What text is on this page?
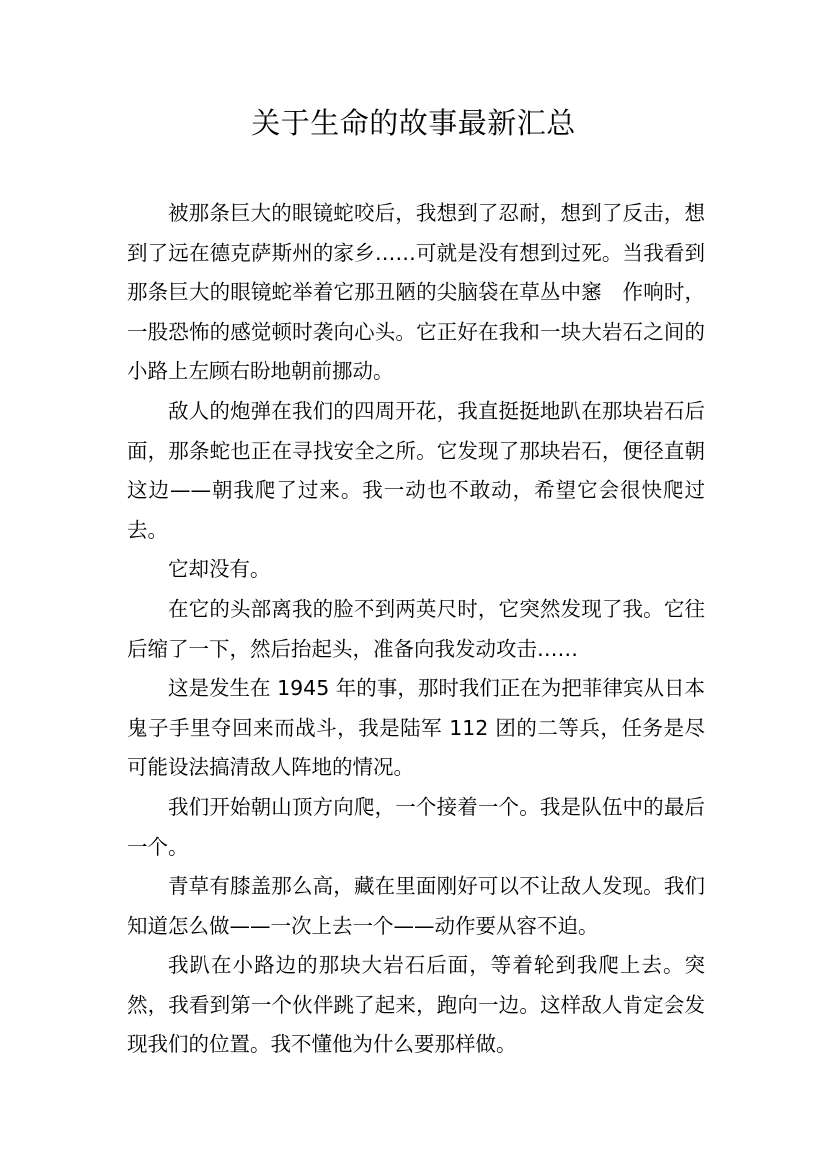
关于生命的故事最新汇总

被那条巨大的眼镜蛇咬后，我想到了忍耐，想到了反击，想到了远在德克萨斯州的家乡……可就是没有想到过死。当我看到那条巨大的眼镜蛇举着它那丑陋的尖脑袋在草丛中窸　作响时，一股恐怖的感觉顿时袭向心头。它正好在我和一块大岩石之间的小路上左顾右盼地朝前挪动。

敌人的炮弹在我们的四周开花，我直挺挺地趴在那块岩石后面，那条蛇也正在寻找安全之所。它发现了那块岩石，便径直朝这边——朝我爬了过来。我一动也不敢动，希望它会很快爬过去。

它却没有。

在它的头部离我的脸不到两英尺时，它突然发现了我。它往后缩了一下，然后抬起头，准备向我发动攻击……

这是发生在 1945 年的事，那时我们正在为把菲律宾从日本鬼子手里夺回来而战斗，我是陆军 112 团的二等兵，任务是尽可能设法搞清敌人阵地的情况。

我们开始朝山顶方向爬，一个接着一个。我是队伍中的最后一个。

青草有膝盖那么高，藏在里面刚好可以不让敌人发现。我们知道怎么做——一次上去一个——动作要从容不迫。

我趴在小路边的那块大岩石后面，等着轮到我爬上去。突然，我看到第一个伙伴跳了起来，跑向一边。这样敌人肯定会发现我们的位置。我不懂他为什么要那样做。
